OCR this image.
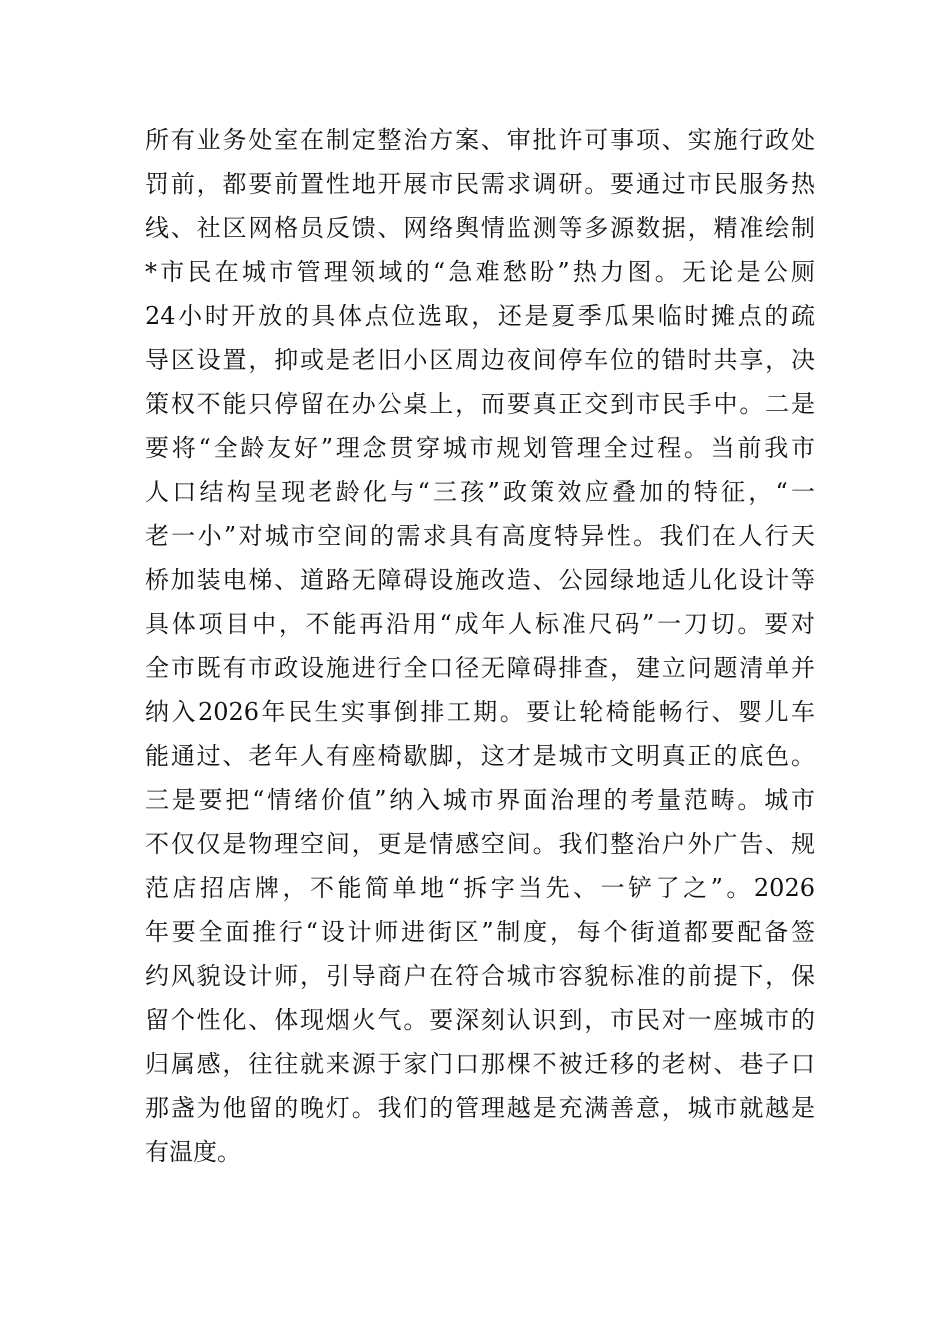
所有业务处室在制定整治方案、审批许可事项、实施行政处
罚前，都要前置性地开展市民需求调研。要通过市民服务热
线、社区网格员反馈、网络舆情监测等多源数据，精准绘制
*市民在城市管理领域的“急难愁盼”热力图。无论是公厕
24小时开放的具体点位选取，还是夏季瓜果临时摊点的疏
导区设置，抑或是老旧小区周边夜间停车位的错时共享，决
策权不能只停留在办公桌上，而要真正交到市民手中。二是
要将“全龄友好”理念贯穿城市规划管理全过程。当前我市
人口结构呈现老龄化与“三孩”政策效应叠加的特征，“一
老一小”对城市空间的需求具有高度特异性。我们在人行天
桥加装电梯、道路无障碍设施改造、公园绿地适儿化设计等
具体项目中，不能再沿用“成年人标准尺码”一刀切。要对
全市既有市政设施进行全口径无障碍排查，建立问题清单并
纳入2026年民生实事倒排工期。要让轮椅能畅行、婴儿车
能通过、老年人有座椅歇脚，这才是城市文明真正的底色。
三是要把“情绪价值”纳入城市界面治理的考量范畴。城市
不仅仅是物理空间，更是情感空间。我们整治户外广告、规
范店招店牌，不能简单地“拆字当先、一铲了之”。2026
年要全面推行“设计师进街区”制度，每个街道都要配备签
约风貌设计师，引导商户在符合城市容貌标准的前提下，保
留个性化、体现烟火气。要深刻认识到，市民对一座城市的
归属感，往往就来源于家门口那棵不被迁移的老树、巷子口
那盏为他留的晚灯。我们的管理越是充满善意，城市就越是
有温度。
